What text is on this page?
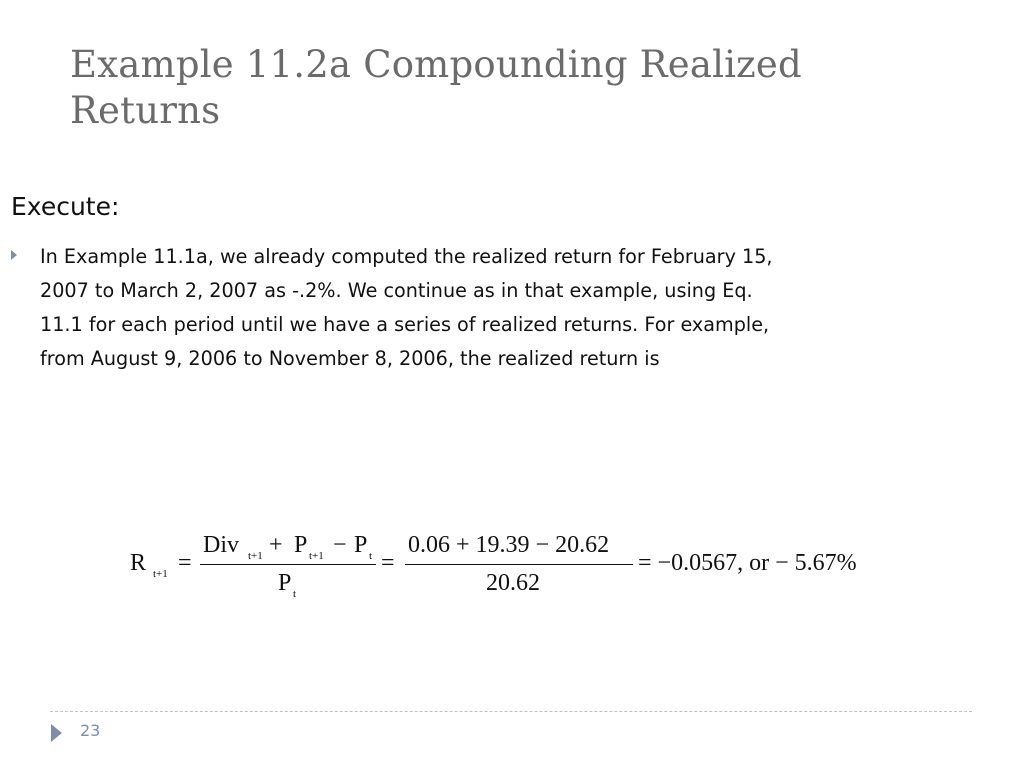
Example 11.2a Compounding Realized
Returns
Execute:
In Example 11.1a, we already computed the realized return for February 15,
2007 to March 2, 2007 as -.2%. We continue as in that example, using Eq.
11.1 for each period until we have a series of realized returns. For example,
from August 9, 2006 to November 8, 2006, the realized return is
R t+1 =
Div t+1 + P t+1 − P t
P t
=
0.06 + 19.39 − 20.62
20.62
= −0.0567, or − 5.67%
23
